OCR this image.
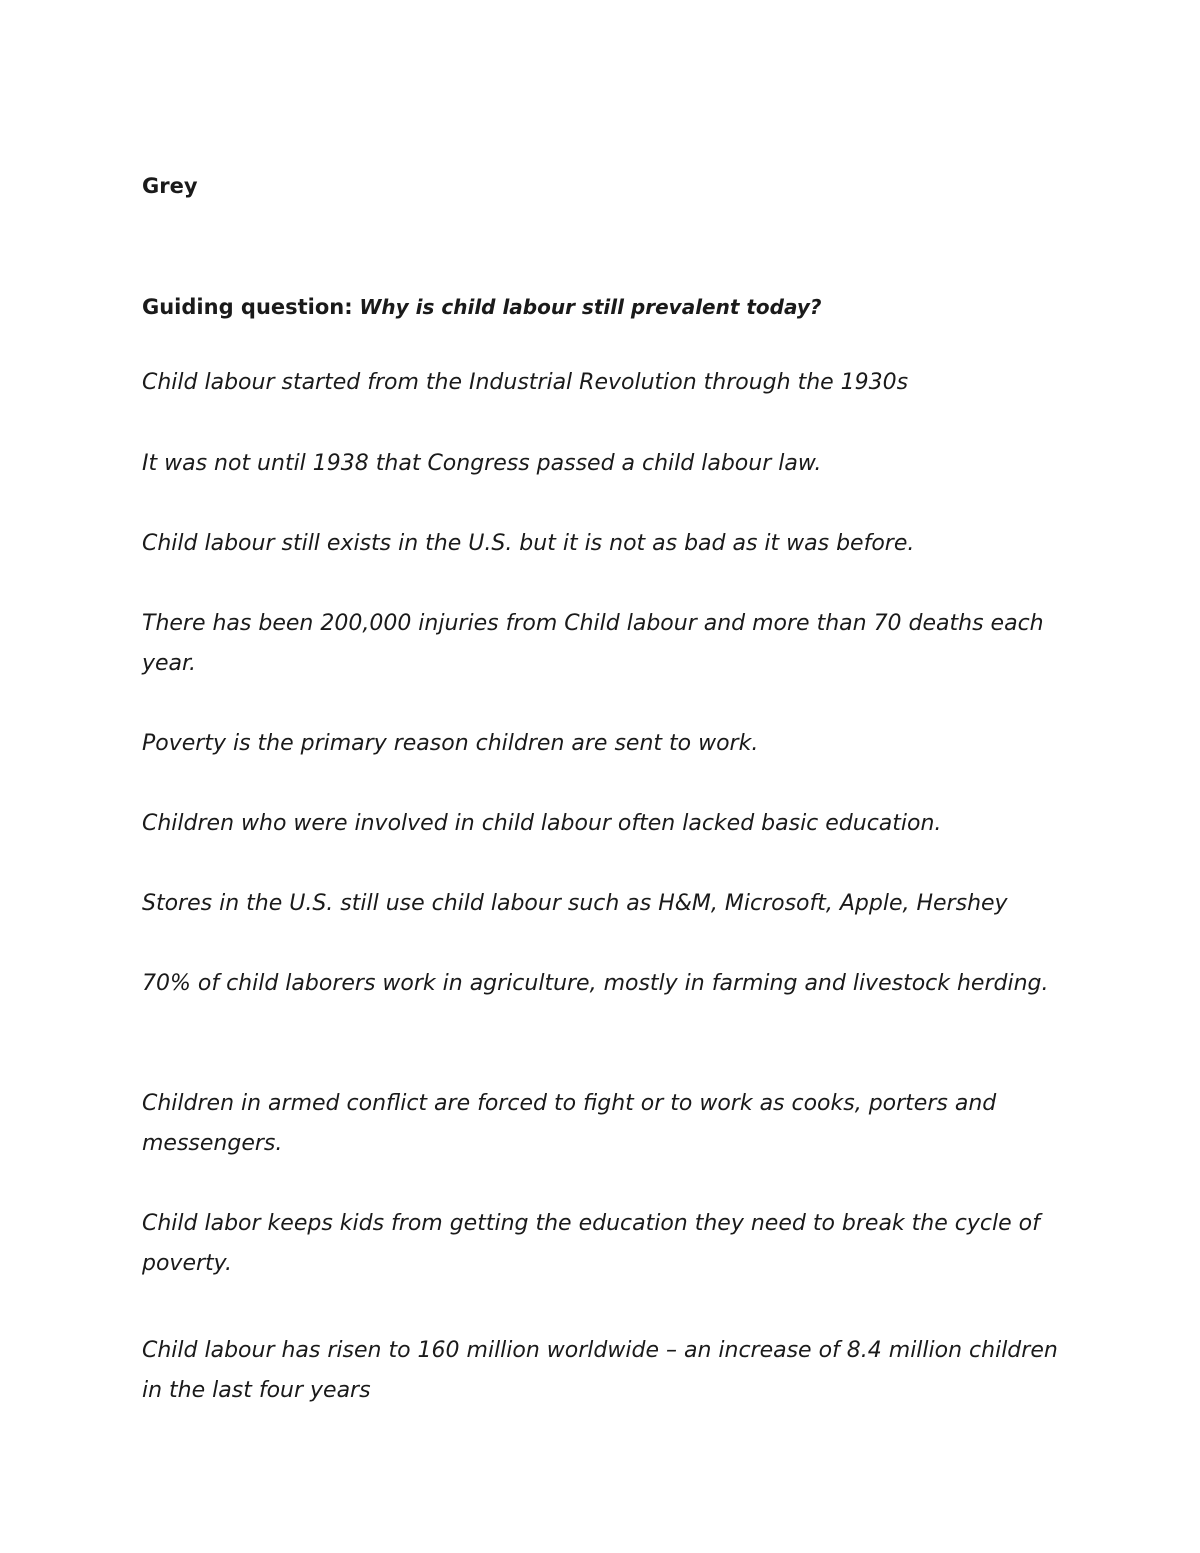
Grey

Guiding question: Why is child labour still prevalent today?

Child labour started from the Industrial Revolution through the 1930s

It was not until 1938 that Congress passed a child labour law.

Child labour still exists in the U.S. but it is not as bad as it was before.

There has been 200,000 injuries from Child labour and more than 70 deaths each year.

Poverty is the primary reason children are sent to work.

Children who were involved in child labour often lacked basic education.

Stores in the U.S. still use child labour such as H&M, Microsoft, Apple, Hershey

70% of child laborers work in agriculture, mostly in farming and livestock herding.

Children in armed conflict are forced to fight or to work as cooks, porters and messengers.

Child labor keeps kids from getting the education they need to break the cycle of poverty.

Child labour has risen to 160 million worldwide – an increase of 8.4 million children in the last four years
